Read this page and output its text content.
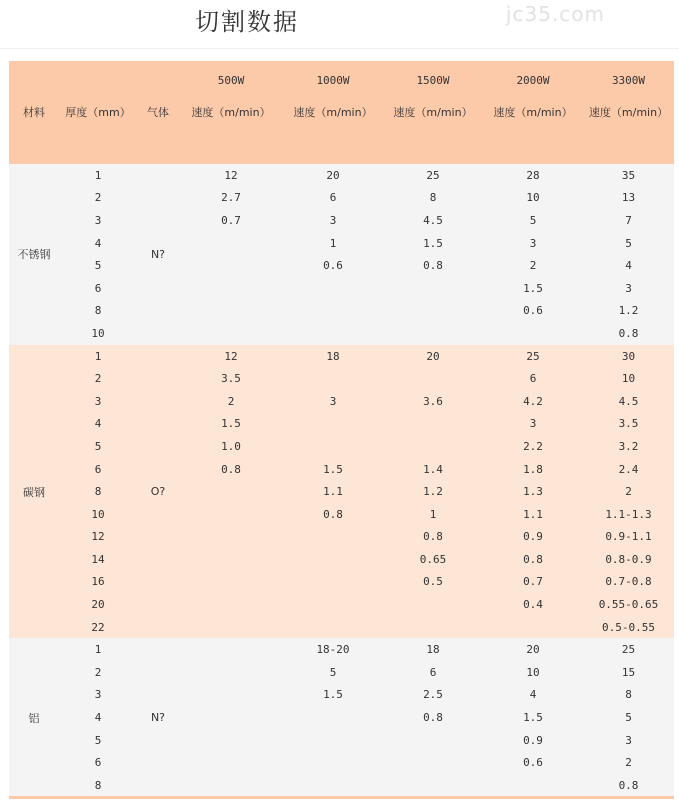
切割数据	jc35.com
			500W	1000W	1500W	2000W	3300W
材料	厚度（mm）	气体	速度（m/min）	速度（m/min）	速度（m/min）	速度（m/min）	速度（m/min）

不锈钢	1	N?	12	20	25	28	35
	2		2.7	6	8	10	13
	3		0.7	3	4.5	5	7
	4			1	1.5	3	5
	5			0.6	0.8	2	4
	6					1.5	3
	8					0.6	1.2
	10						0.8
碳钢	1	O?	12	18	20	25	30
	2		3.5			6	10
	3		2	3	3.6	4.2	4.5
	4		1.5			3	3.5
	5		1.0			2.2	3.2
	6		0.8	1.5	1.4	1.8	2.4
	8			1.1	1.2	1.3	2
	10			0.8	1	1.1	1.1-1.3
	12				0.8	0.9	0.9-1.1
	14				0.65	0.8	0.8-0.9
	16				0.5	0.7	0.7-0.8
	20					0.4	0.55-0.65
	22						0.5-0.55
铝	1	N?		18-20	18	20	25
	2			5	6	10	15
	3			1.5	2.5	4	8
	4				0.8	1.5	5
	5					0.9	3
	6					0.6	2
	8						0.8
